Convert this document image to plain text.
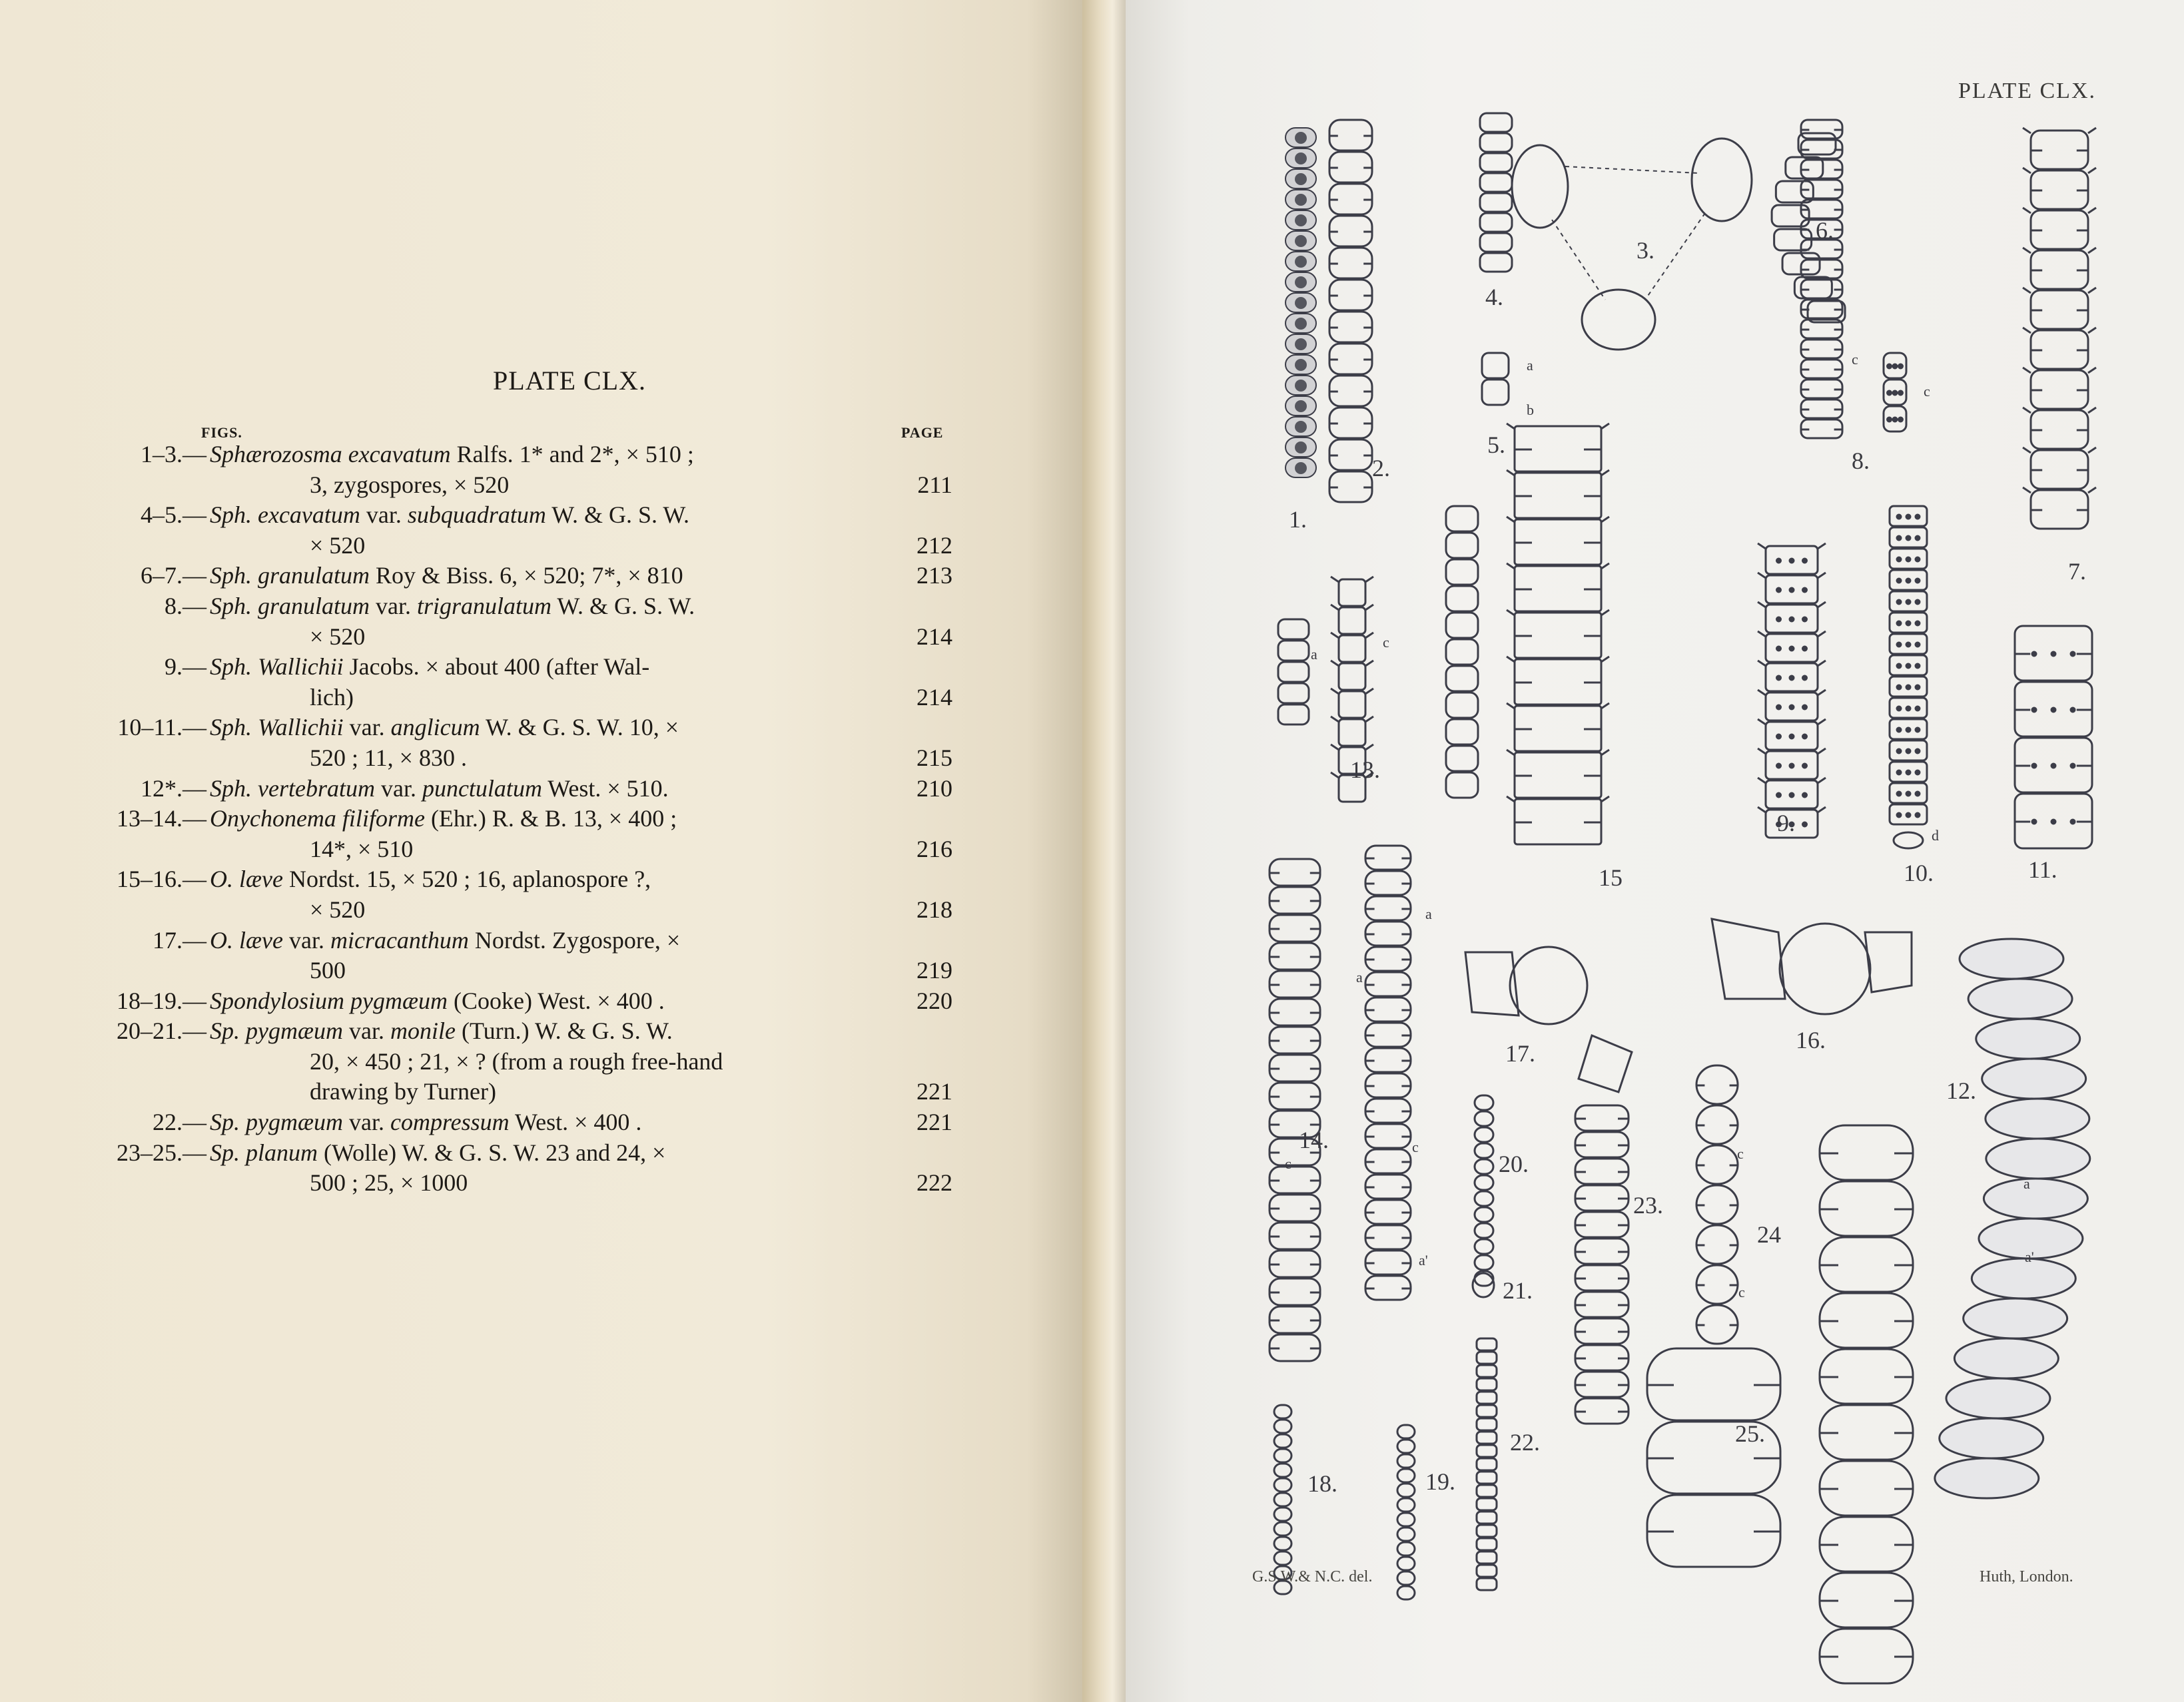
PLATE CLX.
FIGS.	PAGE
1–3.— Sphærozosma excavatum Ralfs. 1* and 2*, × 510 ;
3, zygospores, × 520	211
4–5.— Sph. excavatum var. subquadratum W. & G. S. W.
× 520	212
6–7.— Sph. granulatum Roy & Biss. 6, × 520; 7*, × 810	213
8.— Sph. granulatum var. trigranulatum W. & G. S. W.
× 520	214
9.— Sph. Wallichii Jacobs. × about 400 (after Wal-
lich)	214
10–11.— Sph. Wallichii var. anglicum W. & G. S. W. 10, ×
520 ; 11, × 830 .	215
12*.— Sph. vertebratum var. punctulatum West. × 510.	210
13–14.— Onychonema filiforme (Ehr.) R. & B. 13, × 400 ;
14*, × 510	216
15–16.— O. læve Nordst. 15, × 520 ; 16, aplanospore ?,
× 520	218
17.— O. læve var. micracanthum Nordst. Zygospore, ×
500	219
18–19.— Spondylosium pygmæum (Cooke) West. × 400 .	220
20–21.— Sp. pygmæum var. monile (Turn.) W. & G. S. W.
20, × 450 ; 21, × ? (from a rough free-hand
drawing by Turner)	221
22.— Sp. pygmæum var. compressum West. × 400 .	221
23–25.— Sp. planum (Wolle) W. & G. S. W. 23 and 24, ×
500 ; 25, × 1000	222
1.
2.
3.
4.
5.
6.
7.
8.
9.
10.	11.
12.
13.
14.
15
16.
17.
18.	19.
20.
21.
22.
23.
24
25.
a
b
c
c
a
c
a
a
c
c
a'
c
c
a
a'
d
PLATE CLX.
G.S.W.& N.C. del.	Huth, London.
